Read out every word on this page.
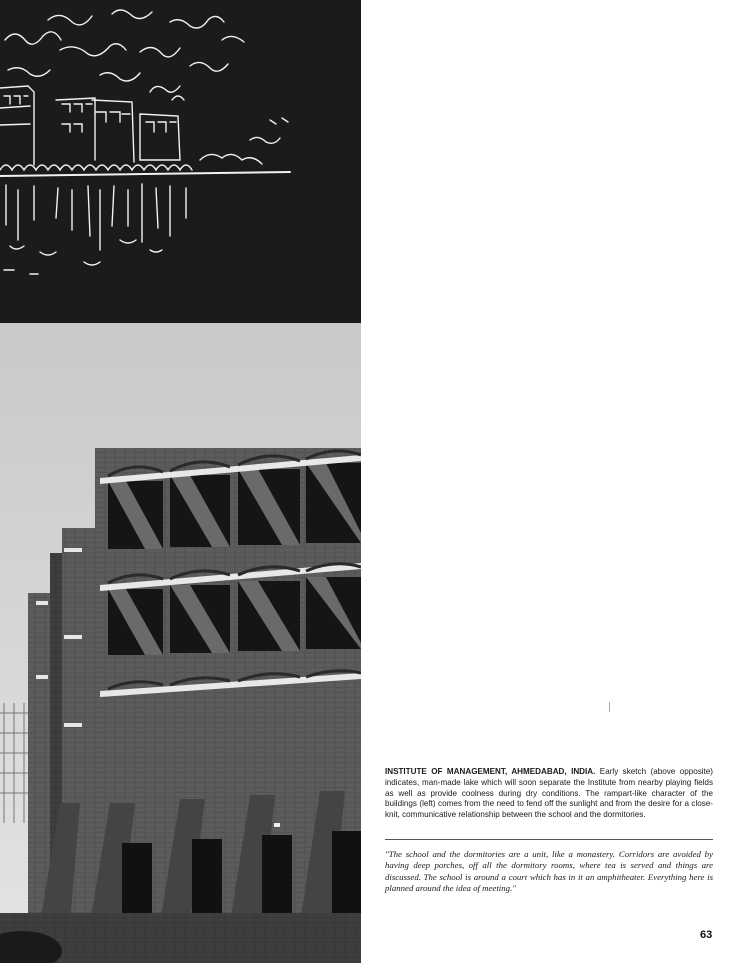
INSTITUTE OF MANAGEMENT, AHMEDABAD, INDIA. Early sketch (above opposite) indicates, man-made lake which will soon separate the Institute from nearby playing fields as well as provide coolness during dry conditions. The rampart-like character of the buildings (left) comes from the need to fend off the sunlight and from the desire for a close-knit, communicative relationship between the school and the dormitories.
"The school and the dormitories are a unit, like a monastery. Corridors are avoided by having deep porches, off all the dormitory rooms, where tea is served and things are discussed. The school is around a court which has in it an amphitheater. Everything here is planned around the idea of meeting."
63
